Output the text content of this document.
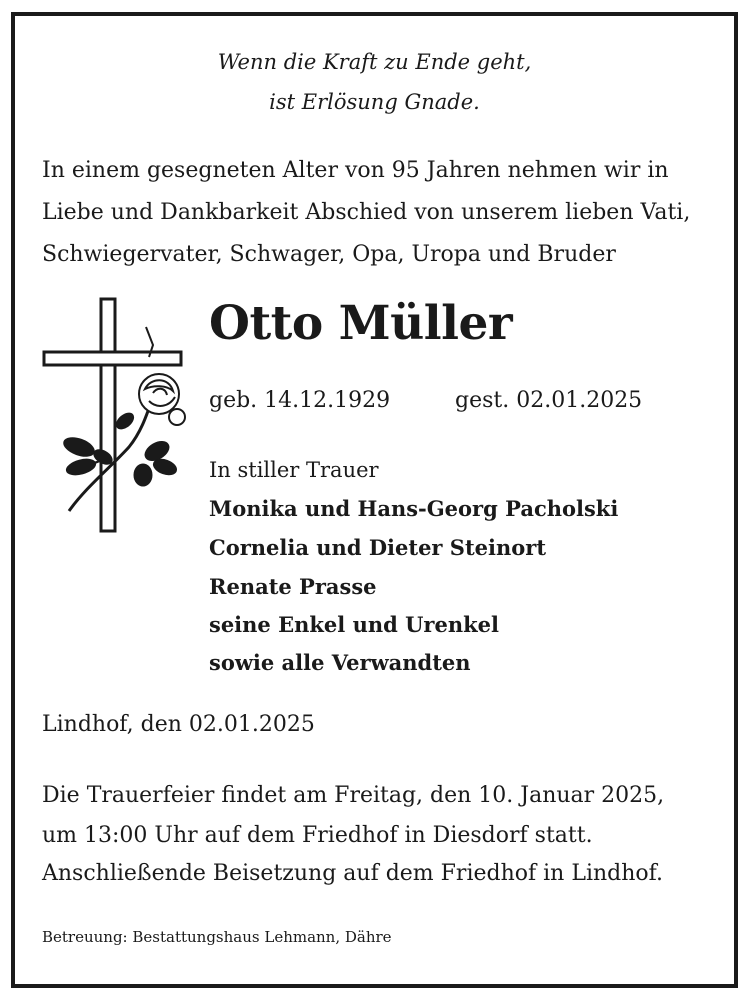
Wenn die Kraft zu Ende geht,
ist Erlösung Gnade.
In einem gesegneten Alter von 95 Jahren nehmen wir in
Liebe und Dankbarkeit Abschied von unserem lieben Vati,
Schwiegervater, Schwager, Opa, Uropa und Bruder
Otto Müller
geb. 14.12.1929	gest. 02.01.2025
In stiller Trauer
Monika und Hans-Georg Pacholski
Cornelia und Dieter Steinort
Renate Prasse
seine Enkel und Urenkel
sowie alle Verwandten
Lindhof, den 02.01.2025
Die Trauerfeier findet am Freitag, den 10. Januar 2025,
um 13:00 Uhr auf dem Friedhof in Diesdorf statt.
Anschließende Beisetzung auf dem Friedhof in Lindhof.
Betreuung: Bestattungshaus Lehmann, Dähre
